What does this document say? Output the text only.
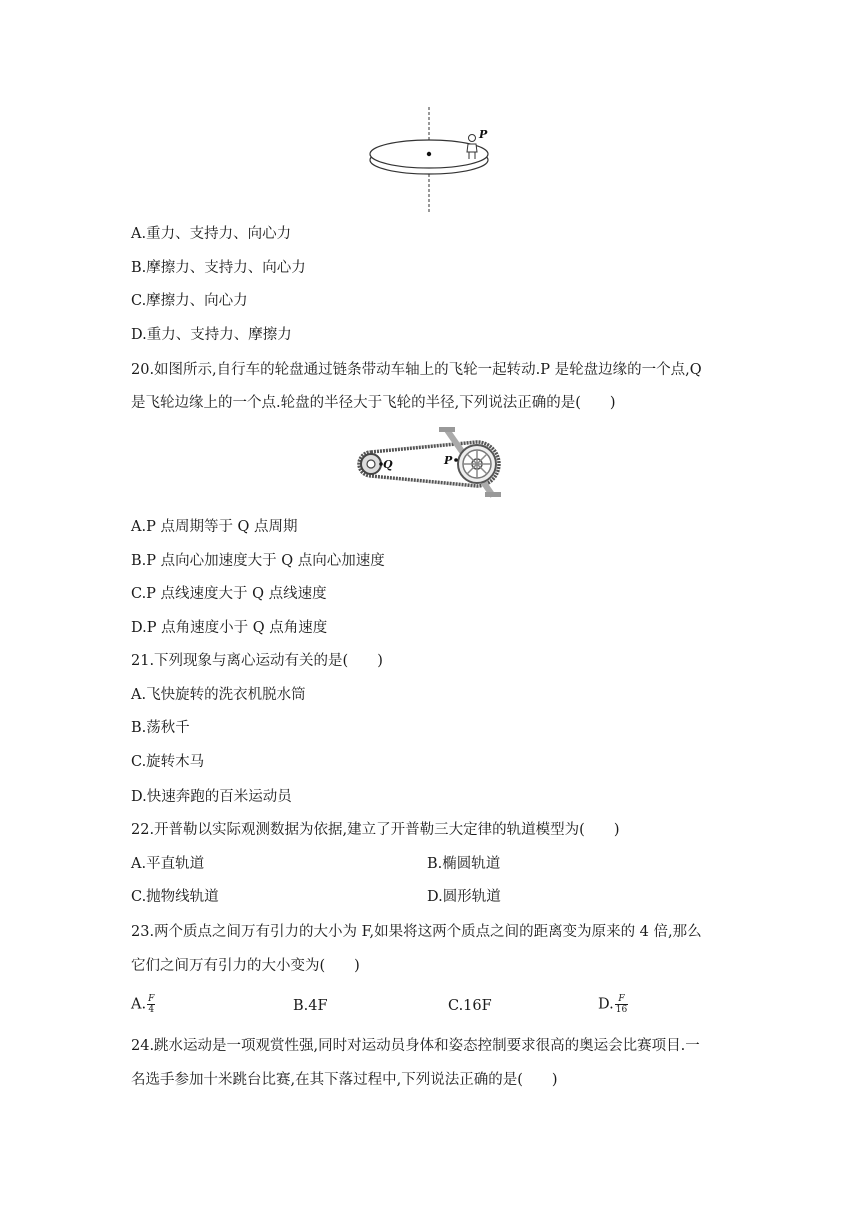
P
A.重力、支持力、向心力
B.摩擦力、支持力、向心力
C.摩擦力、向心力
D.重力、支持力、摩擦力
20.如图所示,自行车的轮盘通过链条带动车轴上的飞轮一起转动.P 是轮盘边缘的一个点,Q
是飞轮边缘上的一个点.轮盘的半径大于飞轮的半径,下列说法正确的是(　　)
Q	P
A.P 点周期等于 Q 点周期
B.P 点向心加速度大于 Q 点向心加速度
C.P 点线速度大于 Q 点线速度
D.P 点角速度小于 Q 点角速度
21.下列现象与离心运动有关的是(　　)
A.飞快旋转的洗衣机脱水筒
B.荡秋千
C.旋转木马
D.快速奔跑的百米运动员
22.开普勒以实际观测数据为依据,建立了开普勒三大定律的轨道模型为(　　)
A.平直轨道	B.椭圆轨道
C.抛物线轨道	D.圆形轨道
23.两个质点之间万有引力的大小为 F,如果将这两个质点之间的距离变为原来的 4 倍,那么
它们之间万有引力的大小变为(　　)
A. $\frac{F}{4}$	B.4F	C.16F	D. $\frac{F}{16}$
24.跳水运动是一项观赏性强,同时对运动员身体和姿态控制要求很高的奥运会比赛项目.一
名选手参加十米跳台比赛,在其下落过程中,下列说法正确的是(　　)
